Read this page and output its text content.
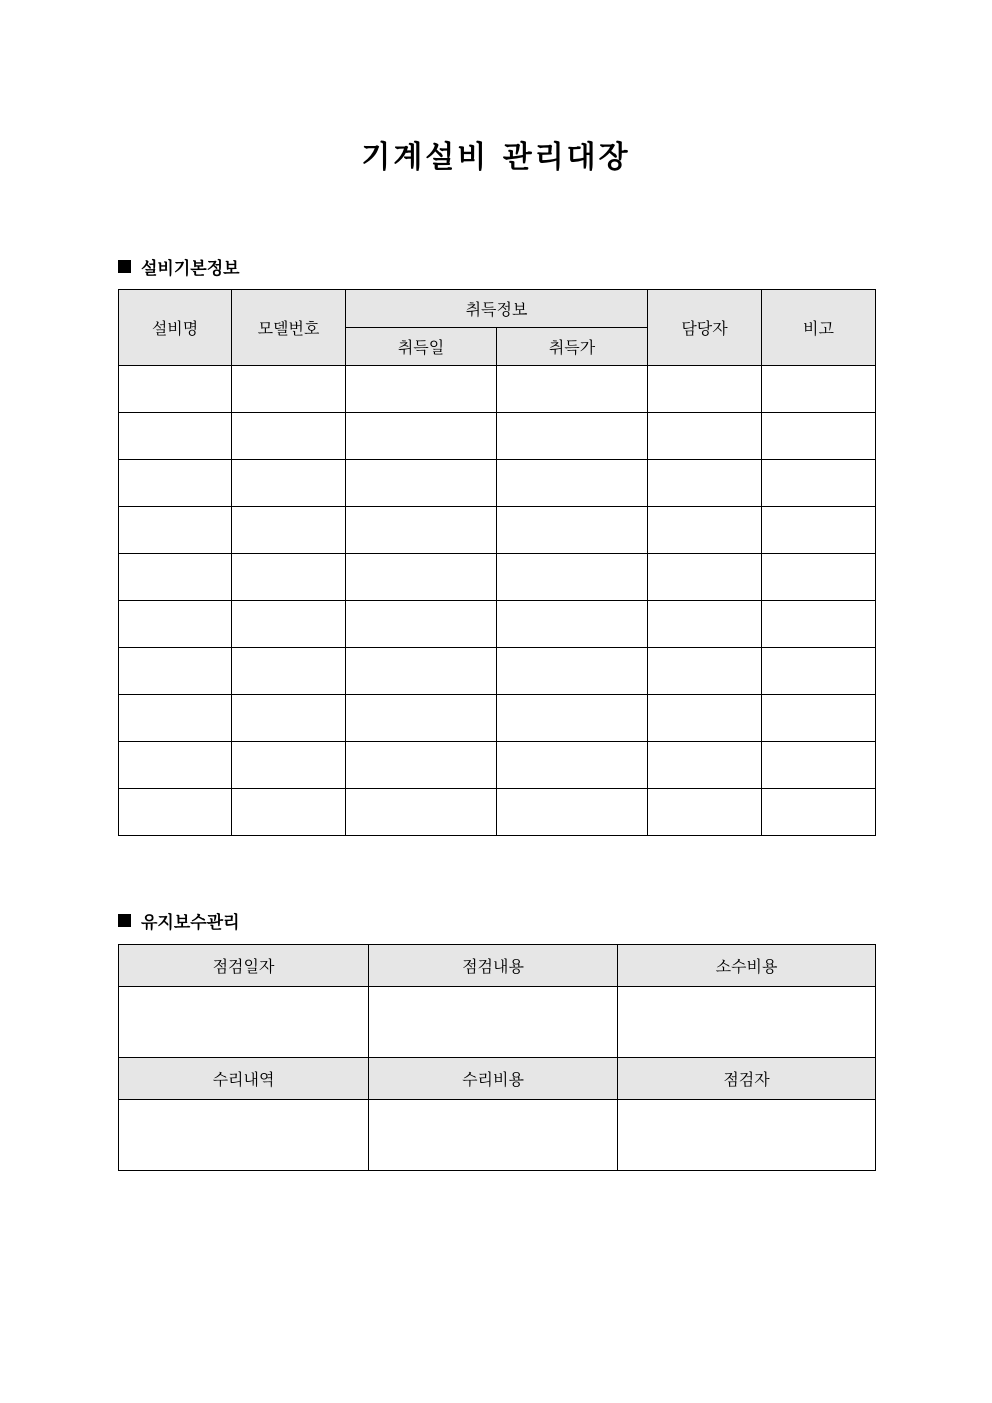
기계설비 관리대장
설비기본정보
설비명	모델번호	취득정보		담당자	비고
		취득일	취득가		

유지보수관리
점검일자	점검내용	소수비용

수리내역	수리비용	점검자
